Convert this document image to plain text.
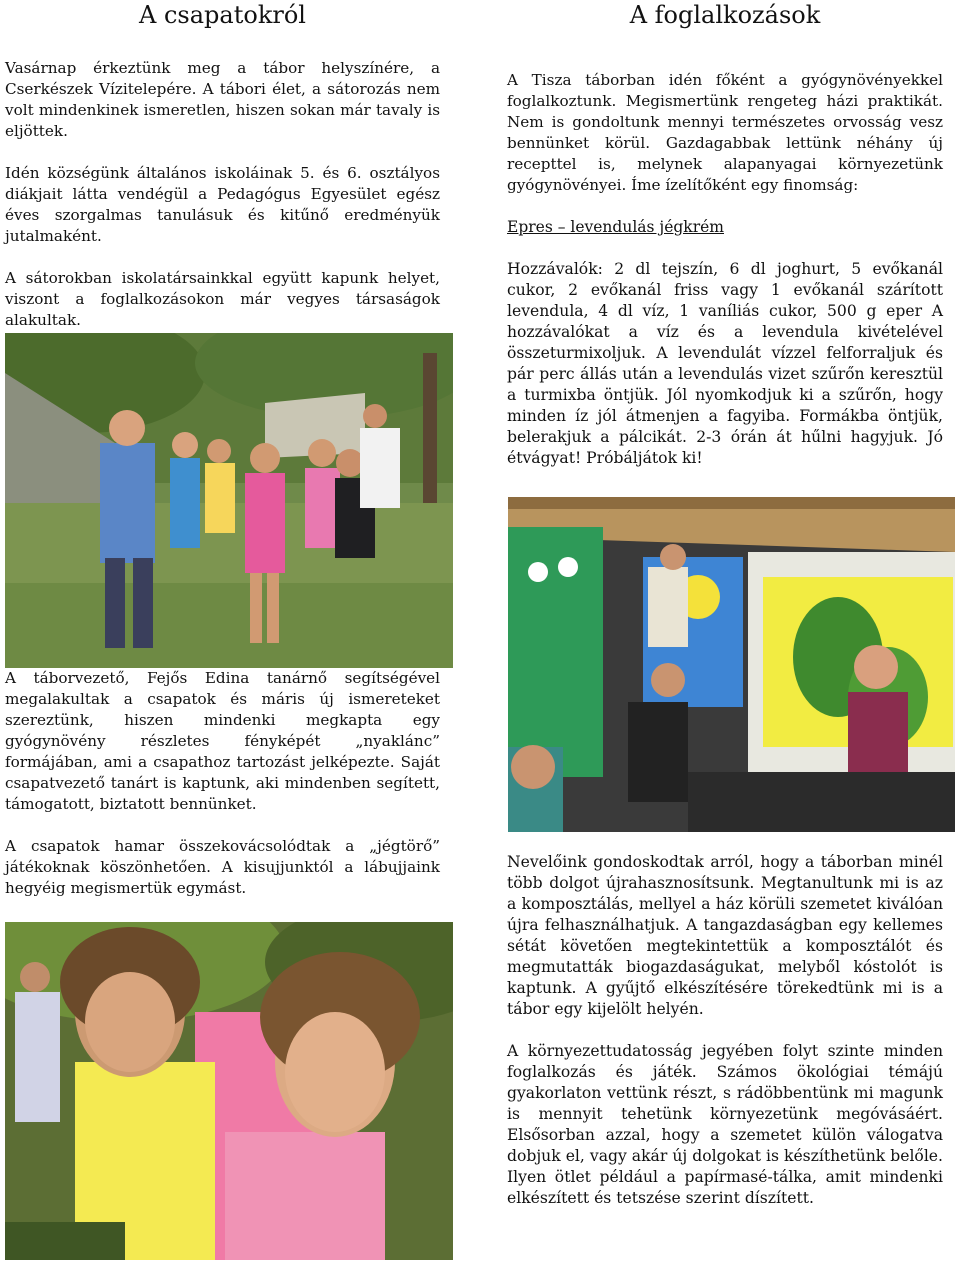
A csapatokról

Vasárnap érkeztünk meg a tábor helyszínére, a Cserkészek Vízitelepére. A tábori élet, a sátorozás nem volt mindenkinek ismeretlen, hiszen sokan már tavaly is eljöttek.

Idén községünk általános iskoláinak 5. és 6. osztályos diákjait látta vendégül a Pedagógus Egyesület egész éves szorgalmas tanulásuk és kitűnő eredményük jutalmaként.

A sátorokban iskolatársainkkal együtt kapunk helyet, viszont a foglalkozásokon már vegyes társaságok alakultak.

A táborvezető, Fejős Edina tanárnő segítségével megalakultak a csapatok és máris új ismereteket szereztünk, hiszen mindenki megkapta egy gyógynövény részletes fényképét „nyaklánc” formájában, ami a csapathoz tartozást jelképezte. Saját csapatvezető tanárt is kaptunk, aki mindenben segített, támogatott, biztatott bennünket.

A csapatok hamar összekovácsolódtak a „jégtörő” játékoknak köszönhetően. A kisujjunktól a lábujjaink hegyéig megismertük egymást.

A foglalkozások

A Tisza táborban idén főként a gyógynövényekkel foglalkoztunk. Megismertünk rengeteg házi praktikát. Nem is gondoltunk mennyi természetes orvosság vesz bennünket körül. Gazdagabbak lettünk néhány új recepttel is, melynek alapanyagai környezetünk gyógynövényei. Íme ízelítőként egy finomság:

Epres – levendulás jégkrém

Hozzávalók: 2 dl tejszín, 6 dl joghurt, 5 evőkanál cukor, 2 evőkanál friss vagy 1 evőkanál szárított levendula, 4 dl víz, 1 vaníliás cukor, 500 g eper A hozzávalókat a víz és a levendula kivételével összeturmixoljuk. A levendulát vízzel felforraljuk és pár perc állás után a levendulás vizet szűrőn keresztül a turmixba öntjük. Jól nyomkodjuk ki a szűrőn, hogy minden íz jól átmenjen a fagyiba. Formákba öntjük, belerakjuk a pálcikát. 2-3 órán át hűlni hagyjuk. Jó étvágyat! Próbáljátok ki!

Nevelőink gondoskodtak arról, hogy a táborban minél több dolgot újrahasznosítsunk. Megtanultunk mi is az a komposztálás, mellyel a ház körüli szemetet kiválóan újra felhasználhatjuk. A tangazdaságban egy kellemes sétát követően megtekintettük a komposztálót és megmutatták biogazdaságukat, melyből kóstolót is kaptunk. A gyűjtő elkészítésére törekedtünk mi is a tábor egy kijelölt helyén.

A környezettudatosság jegyében folyt szinte minden foglalkozás és játék. Számos ökológiai témájú gyakorlaton vettünk részt, s rádöbbentünk mi magunk is mennyit tehetünk környezetünk megóvásáért. Elsősorban azzal, hogy a szemetet külön válogatva dobjuk el, vagy akár új dolgokat is készíthetünk belőle. Ilyen ötlet például a papírmasé-tálka, amit mindenki elkészített és tetszése szerint díszített.
